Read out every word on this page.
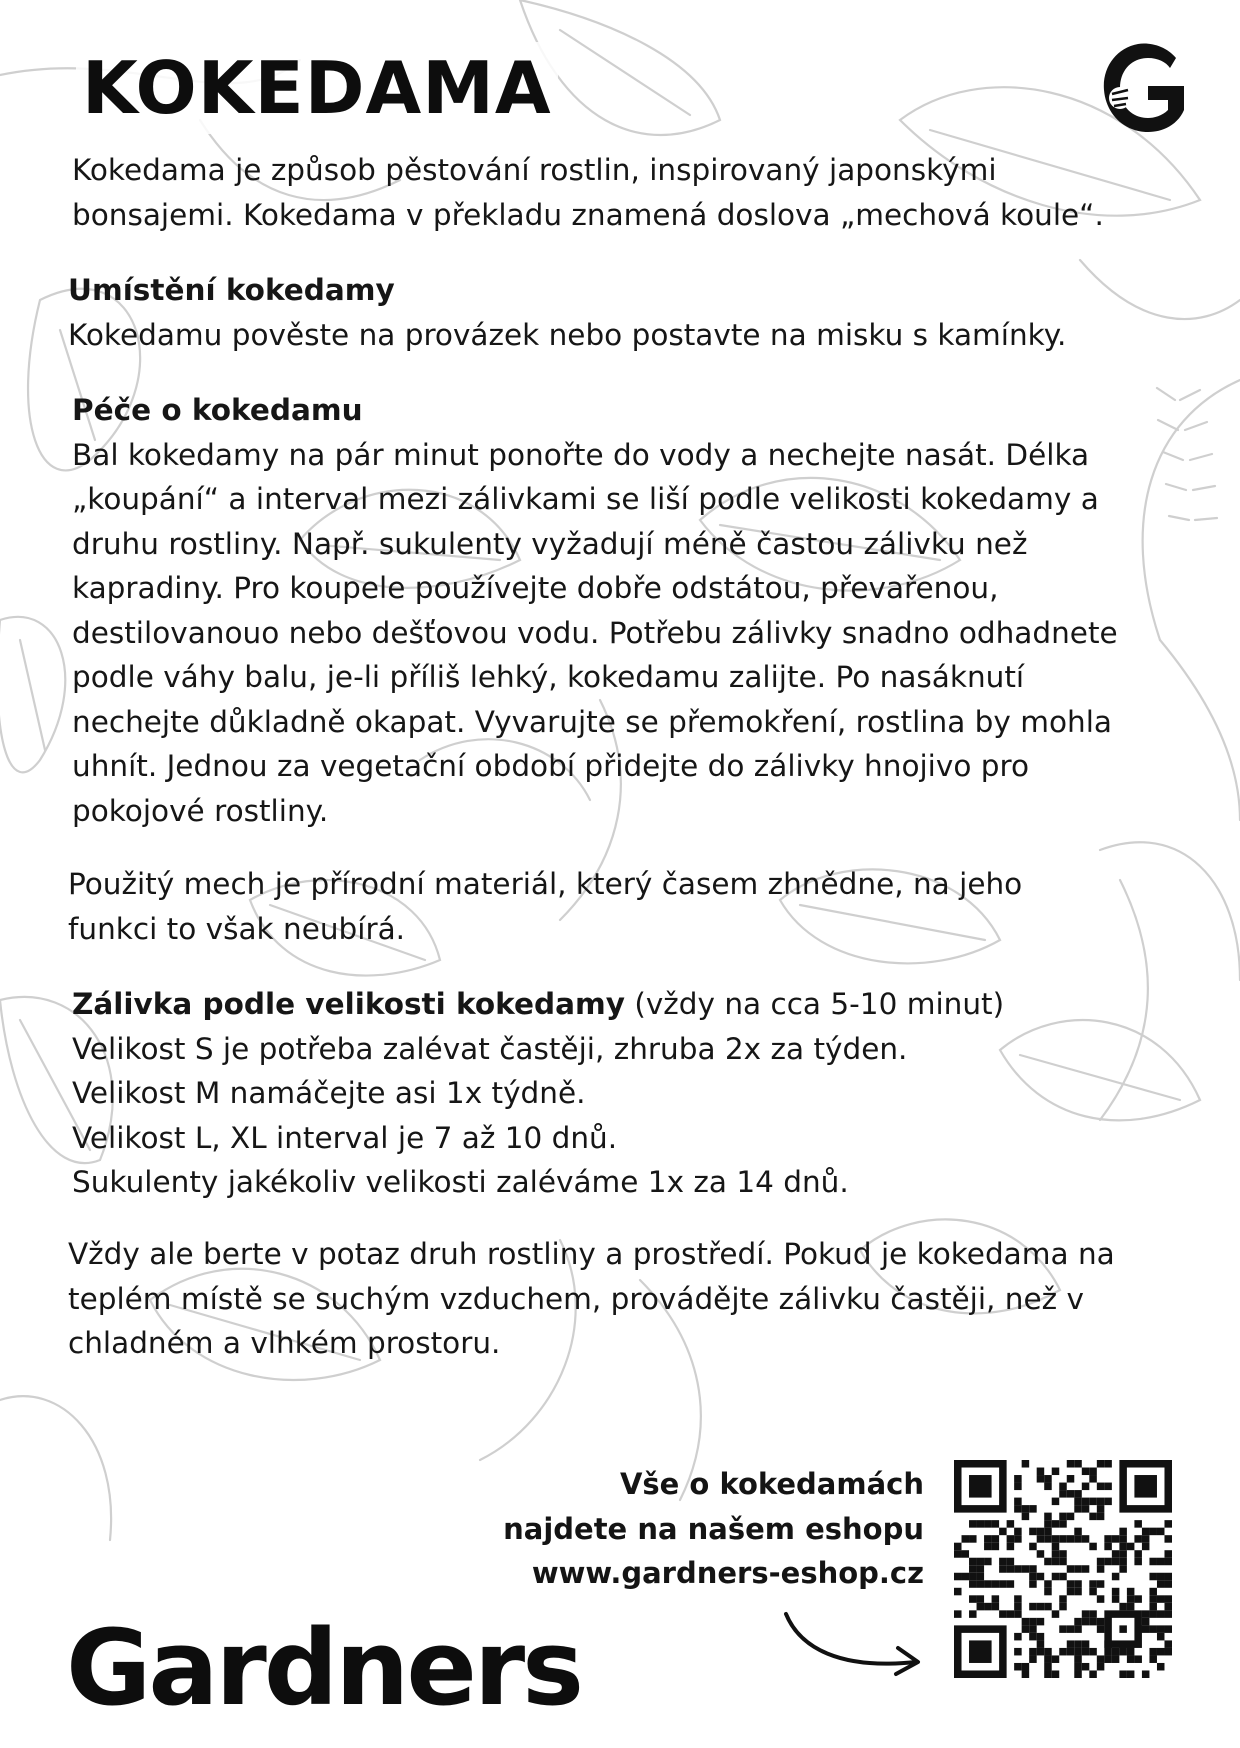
KOKEDAMA
Kokedama je způsob pěstování rostlin, inspirovaný japonskými
bonsajemi. Kokedama v překladu znamená doslova „mechová koule“.
Umístění kokedamy
Kokedamu pověste na provázek nebo postavte na misku s kamínky.
Péče o kokedamu
Bal kokedamy na pár minut ponořte do vody a nechejte nasát. Délka
„koupání“ a interval mezi zálivkami se liší podle velikosti kokedamy a
druhu rostliny. Např. sukulenty vyžadují méně častou zálivku než
kapradiny. Pro koupele používejte dobře odstátou, převařenou,
destilovanouo nebo dešťovou vodu. Potřebu zálivky snadno odhadnete
podle váhy balu, je-li příliš lehký, kokedamu zalijte. Po nasáknutí
nechejte důkladně okapat. Vyvarujte se přemokření, rostlina by mohla
uhnít. Jednou za vegetační období přidejte do zálivky hnojivo pro
pokojové rostliny.
Použitý mech je přírodní materiál, který časem zhnědne, na jeho
funkci to však neubírá.
Zálivka podle velikosti kokedamy (vždy na cca 5-10 minut)
Velikost S je potřeba zalévat častěji, zhruba 2x za týden.
Velikost M namáčejte asi 1x týdně.
Velikost L, XL interval je 7 až 10 dnů.
Sukulenty jakékoliv velikosti zaléváme 1x za 14 dnů.
Vždy ale berte v potaz druh rostliny a prostředí. Pokud je kokedama na
teplém místě se suchým vzduchem, provádějte zálivku častěji, než v
chladném a vlhkém prostoru.
Vše o kokedamách
najdete na našem eshopu
www.gardners-eshop.cz
Gardners
